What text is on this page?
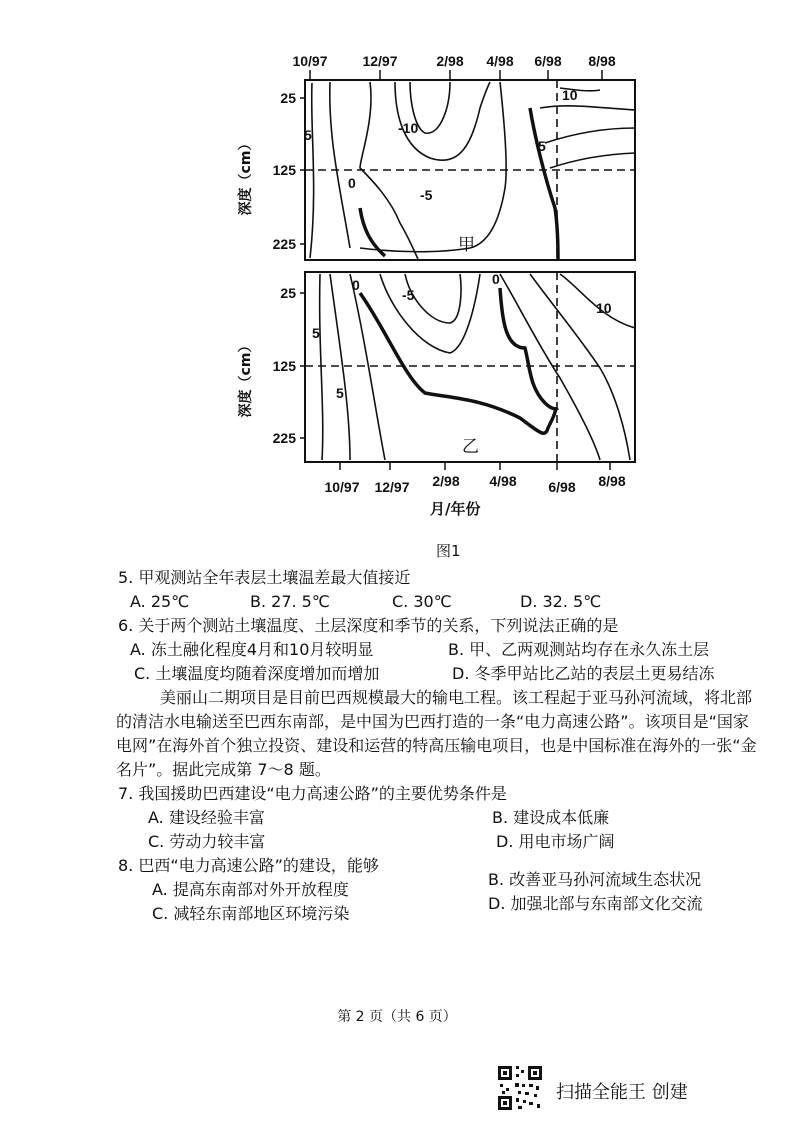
10/97 12/97	2/98 4/98 6/98 8/98
25
125
225
深度（cm）
10
-10
5
5
0
-5
甲
25
125
225
深度（cm）
0
-5
0
10
5
5
乙
10/97 12/97 2/98 4/98 6/98 8/98
月/年份
图1

5. 甲观测站全年表层土壤温差最大值接近

A. 25℃	B. 27. 5℃	C. 30℃	D. 32. 5℃

6. 关于两个测站土壤温度、土层深度和季节的关系，下列说法正确的是

A. 冻土融化程度4月和10月较明显	B. 甲、乙两观测站均存在永久冻土层
C. 土壤温度均随着深度增加而增加	D. 冬季甲站比乙站的表层土更易结冻

美丽山二期项目是目前巴西规模最大的输电工程。该工程起于亚马孙河流域，将北部的清洁水电输送至巴西东南部，是中国为巴西打造的一条“电力高速公路”。该项目是“国家电网”在海外首个独立投资、建设和运营的特高压输电项目，也是中国标准在海外的一张“金名片”。据此完成第 7～8 题。

7. 我国援助巴西建设“电力高速公路”的主要优势条件是

A. 建设经验丰富	B. 建设成本低廉
C. 劳动力较丰富	D. 用电市场广阔

8. 巴西“电力高速公路”的建设，能够

A. 提高东南部对外开放程度
B. 改善亚马孙河流域生态状况
C. 减轻东南部地区环境污染
D. 加强北部与东南部文化交流
第 2 页（共 6 页）
扫描全能王 创建
